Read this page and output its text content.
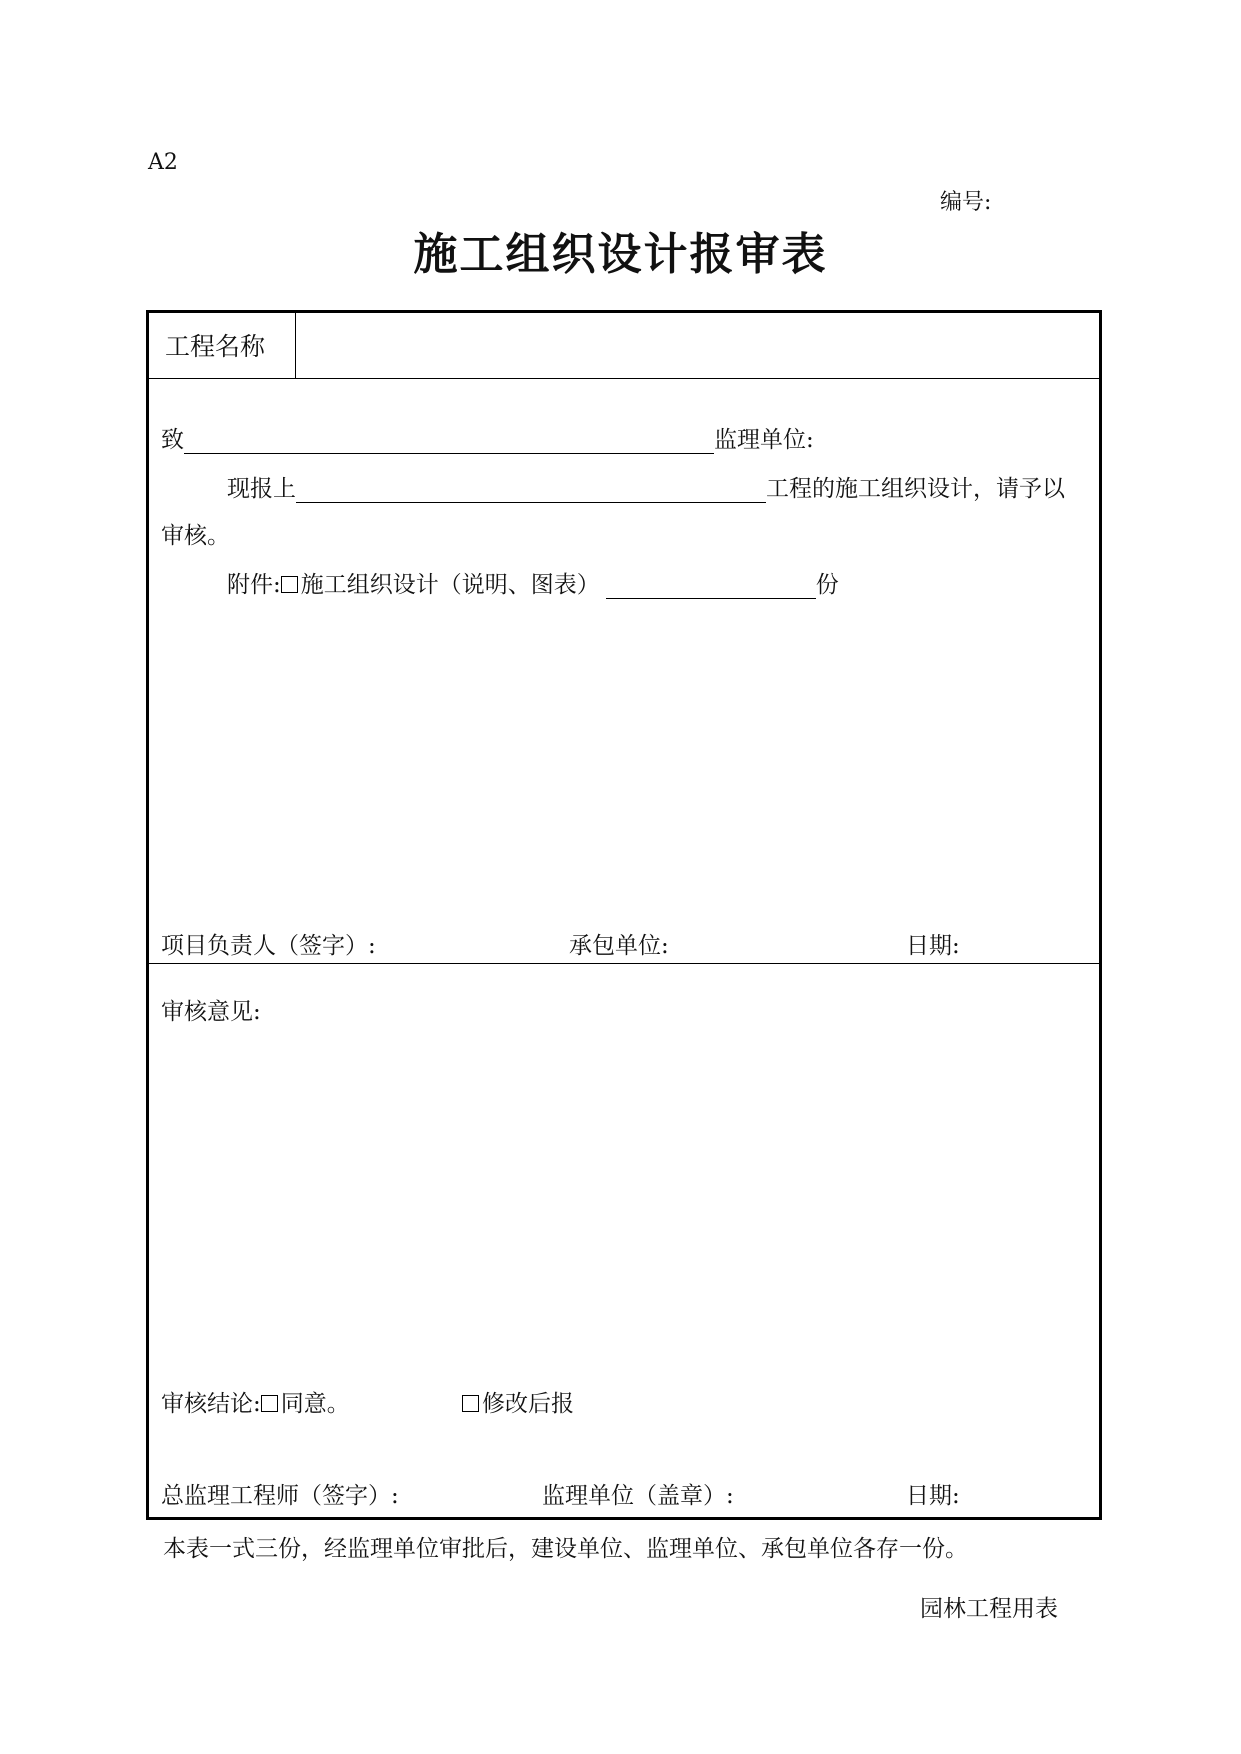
A2
编号:
施工组织设计报审表
工程名称
致	监理单位:
现报上	工程的施工组织设计，请予以
审核。
附件: 施工组织设计（说明、图表）	份
项目负责人（签字）:	承包单位:	日期:
审核意见:
审核结论: 同意。	修改后报
总监理工程师（签字）:	监理单位（盖章）:	日期:
本表一式三份，经监理单位审批后，建设单位、监理单位、承包单位各存一份。
园林工程用表
